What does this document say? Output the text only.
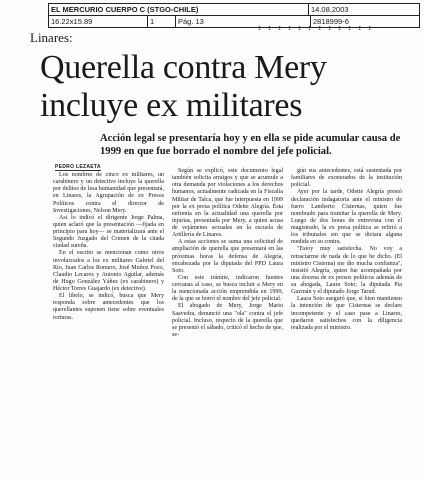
EL MERCURIO CUERPO C (STGO-CHILE)	14.08.2003
16.22x15.89	1	Pág. 13	2818999-6
I I I I I I I I I I I I
Linares:
Querella contra Mery
incluye ex militares
Acción legal se presentaría hoy y en ella se pide acumular causa de 1999 en que fue borrado el nombre del jefe policial.
PEDRO LEZAETA

Los nombres de cinco ex militares, un carabinero y un detective incluye la querella por delitos de lesa humanidad que presentará, en Linares, la Agrupación de ex Presos Políticos contra el director de Investigaciones, Nelson Mery.

Así lo indicó el dirigente Jorge Palma, quien aclaró que la presentación —fijada en principio para hoy— se materializará ante el Segundo Juzgado del Crimen de la citada ciudad sureña.

En el escrito se mencionan como otros involucrados a los ex militares Gabriel del Río, Juan Carlos Romero, José Muñoz Pozo, Claudio Lecaros y Antonio Aguilar, además de Hugo González Yáñez (ex carabinero) y Héctor Torres Guajardo (ex detective).

El libelo, se indicó, busca que Mery responda sobre antecedentes que los querellantes suponen tiene sobre eventuales torturas.

Según se explicó, este documento legal también solicita arraigos y que se acumule a otra demanda por violaciones a los derechos humanos, actualmente radicada en la Fiscalía Militar de Talca, que fue interpuesta en 1999 por la ex presa política Odette Alegría. Ésta enfrenta en la actualidad una querella por injurias, presentada por Mery, a quien acusa de vejámenes sexuales en la escuela de Artillería de Linares.

A estas acciones se suma una solicitud de ampliación de querella que presentará en las próximas horas la defensa de Alegría, encabezada por la diputada del PPD Laura Soto.

Con este trámite, indicaron fuentes cercanas al caso, se busca incluir a Mery en la mencionada acción emprendida en 1999, de la que se borró el nombre del jefe policial.

El abogado de Mery, Jorge Mario Saavedra, denunció una "ola" contra el jefe policial. Incluso, respecto de la querella que se presentó el sábado, criticó el hecho de que, se-

gún sus antecedentes, está sustentada por familiares de exonerados de la institución policial.

Ayer por la tarde, Odette Alegría prestó declaración indagatoria ante el ministro de fuero Lamberto Cisternas, quien fue nombrado para tramitar la querella de Mery. Luego de dos horas de entrevista con el magistrado, la ex presa política se refirió a los tribunales sin que se dictara alguna medida en su contra.

"Estoy muy satisfecha. No voy a retractarme de nada de lo que he dicho. (El ministro Cisterna) me dio mucha confianza", insistió Alegría, quien fue acompañada por una docena de ex presos políticos además de su abogada, Laura Soto; la diputada Pía Guzmán y el diputado Jorge Tarud.

Laura Soto aseguró que, si bien mantienen la intención de que Cisternas se declare incompetente y el caso pase a Linares, quedaron satisfechos con la diligencia realizada por el ministro.
